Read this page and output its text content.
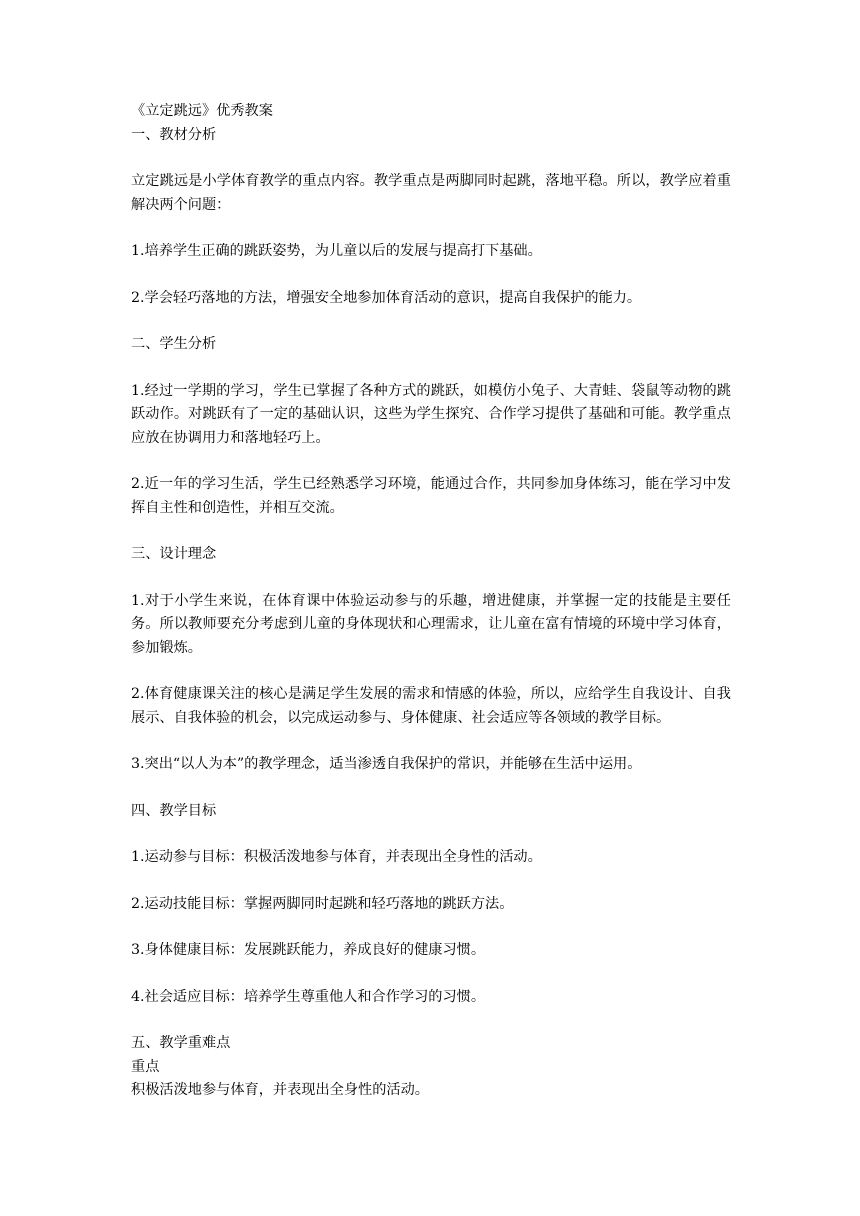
《立定跳远》优秀教案
一、教材分析
立定跳远是小学体育教学的重点内容。教学重点是两脚同时起跳，落地平稳。所以，教学应着重解决两个问题：
1.培养学生正确的跳跃姿势，为儿童以后的发展与提高打下基础。
2.学会轻巧落地的方法，增强安全地参加体育活动的意识，提高自我保护的能力。
二、学生分析
1.经过一学期的学习，学生已掌握了各种方式的跳跃，如模仿小兔子、大青蛙、袋鼠等动物的跳跃动作。对跳跃有了一定的基础认识，这些为学生探究、合作学习提供了基础和可能。教学重点应放在协调用力和落地轻巧上。
2.近一年的学习生活，学生已经熟悉学习环境，能通过合作，共同参加身体练习，能在学习中发挥自主性和创造性，并相互交流。
三、设计理念
1.对于小学生来说，在体育课中体验运动参与的乐趣，增进健康，并掌握一定的技能是主要任务。所以教师要充分考虑到儿童的身体现状和心理需求，让儿童在富有情境的环境中学习体育，参加锻炼。
2.体育健康课关注的核心是满足学生发展的需求和情感的体验，所以，应给学生自我设计、自我展示、自我体验的机会，以完成运动参与、身体健康、社会适应等各领域的教学目标。
3.突出“以人为本”的教学理念，适当渗透自我保护的常识，并能够在生活中运用。
四、教学目标
1.运动参与目标：积极活泼地参与体育，并表现出全身性的活动。
2.运动技能目标：掌握两脚同时起跳和轻巧落地的跳跃方法。
3.身体健康目标：发展跳跃能力，养成良好的健康习惯。
4.社会适应目标：培养学生尊重他人和合作学习的习惯。
五、教学重难点
重点
积极活泼地参与体育，并表现出全身性的活动。
